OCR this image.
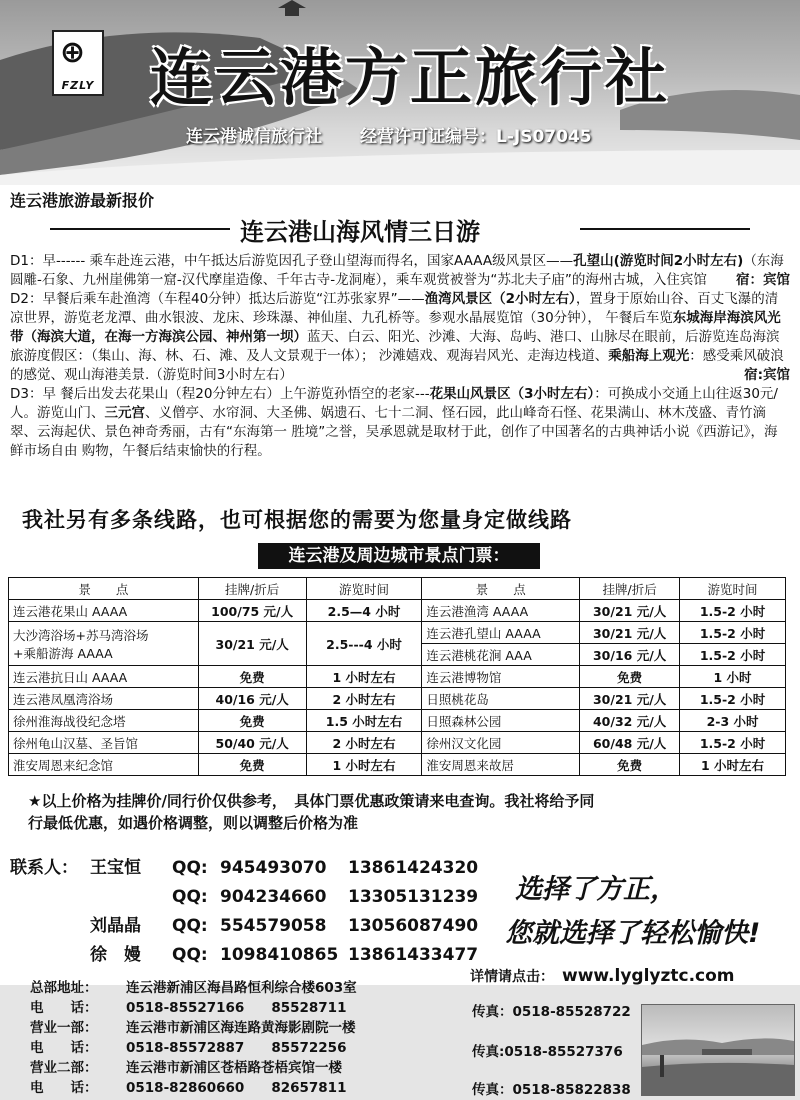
⊕
FZLY 连云港方正旅行社
连云港诚信旅行社 经营许可证编号：L-JS07045
连云港旅游最新报价
连云港山海风情三日游
D1：早------ 乘车赴连云港，中午抵达后游览因孔子登山望海而得名，国家AAAA级风景区——孔望山(游览时间2小时左右)（东海圆雕-石象、九州崖佛第一窟-汉代摩崖造像、千年古寺-龙洞庵），乘车观赏被誉为“苏北夫子庙”的海州古城，入住宾馆 宿：宾馆
D2：早餐后乘车赴渔湾（车程40分钟）抵达后游览“江苏张家界”——渔湾风景区（2小时左右），置身于原始山谷、百丈飞瀑的清凉世界，游览老龙潭、曲水银波、龙床、珍珠瀑、神仙崖、九孔桥等。参观水晶展览馆（30分钟）， 午餐后车览东城海岸海滨风光带（海滨大道，在海一方海滨公园、神州第一坝）蓝天、白云、阳光、沙滩、大海、岛屿、港口、山脉尽在眼前，后游览连岛海滨旅游度假区：（集山、海、林、石、滩、及人文景观于一体）； 沙滩嬉戏、观海岩风光、走海边栈道、乘船海上观光：感受乘风破浪的感觉、观山海港美景.（游览时间3小时左右）	宿:宾馆
D3：早 餐后出发去花果山（程20分钟左右）上午游览孙悟空的老家---花果山风景区（3小时左右）：可换成小交通上山往返30元/人。游览山门、三元宫、义僧亭、水帘洞、大圣佛、娲遗石、七十二洞、怪石园，此山峰奇石怪、花果满山、林木茂盛、青竹滴翠、云海起伏、景色神奇秀丽，古有“东海第一 胜境”之誉，吴承恩就是取材于此，创作了中国著名的古典神话小说《西游记》，海鲜市场自由 购物，午餐后结束愉快的行程。
我社另有多条线路，也可根据您的需要为您量身定做线路
连云港及周边城市景点门票：
景　　点	挂牌/折后	游览时间	景　　点	挂牌/折后	游览时间
连云港花果山 AAAA	100/75 元/人	2.5—4 小时	连云港渔湾 AAAA	30/21 元/人	1.5-2 小时
大沙湾浴场+苏马湾浴场
+乘船游海 AAAA	30/21 元/人	2.5---4 小时	连云港孔望山 AAAA	30/21 元/人	1.5-2 小时
			连云港桃花涧 AAA	30/16 元/人	1.5-2 小时
连云港抗日山 AAAA	免费	1 小时左右	连云港博物馆	免费	1 小时
连云港凤凰湾浴场	40/16 元/人	2 小时左右	日照桃花岛	30/21 元/人	1.5-2 小时
徐州淮海战役纪念塔	免费	1.5 小时左右	日照森林公园	40/32 元/人	2-3 小时
徐州龟山汉墓、圣旨馆	50/40 元/人	2 小时左右	徐州汉文化园	60/48 元/人	1.5-2 小时
淮安周恩来纪念馆	免费	1 小时左右	淮安周恩来故居	免费	1 小时左右
★以上价格为挂牌价/同行价仅供参考，　具体门票优惠政策请来电查询。我社将给予同
行最低优惠，如遇价格调整，则以调整后价格为准
联系人： 王宝恒 QQ: 945493070 13861424320
QQ: 904234660 13305131239
刘晶晶 QQ: 554579058 13056087490
徐　嫚 QQ: 1098410865 13861433477
选择了方正，
您就选择了轻松愉快!
详情请点击： www.lyglyztc.com
总部地址： 连云港新浦区海昌路恒利综合楼603室
电　　话： 0518-85527166　　85528711
营业一部： 连云港市新浦区海连路黄海影剧院一楼
电　　话： 0518-85572887　　85572256
营业二部： 连云港市新浦区苍梧路苍梧宾馆一楼
电　　话： 0518-82860660　　82657811
传真：0518-85528722
传真:0518-85527376
传真：0518-85822838
